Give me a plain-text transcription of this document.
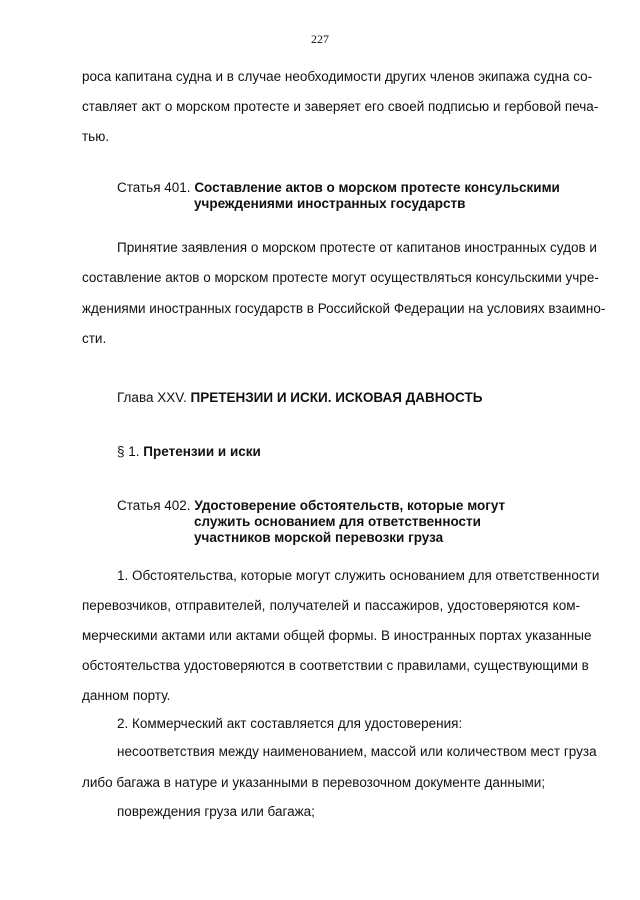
227
роса капитана судна и в случае необходимости других членов экипажа судна со-
ставляет акт о морском протесте и заверяет его своей подписью и гербовой печа-
тью.
Статья 401. Составление актов о морском протесте консульскими
учреждениями иностранных государств
Принятие заявления о морском протесте от капитанов иностранных судов и
составление актов о морском протесте могут осуществляться консульскими учре-
ждениями иностранных государств в Российской Федерации на условиях взаимно-
сти.
Глава XXV. ПРЕТЕНЗИИ И ИСКИ. ИСКОВАЯ ДАВНОСТЬ
§ 1. Претензии и иски
Статья 402. Удостоверение обстоятельств, которые могут
служить основанием для ответственности
участников морской перевозки груза
1. Обстоятельства, которые могут служить основанием для ответственности
перевозчиков, отправителей, получателей и пассажиров, удостоверяются ком-
мерческими актами или актами общей формы. В иностранных портах указанные
обстоятельства удостоверяются в соответствии с правилами, существующими в
данном порту.
2. Коммерческий акт составляется для удостоверения:
несоответствия между наименованием, массой или количеством мест груза
либо багажа в натуре и указанными в перевозочном документе данными;
повреждения груза или багажа;
